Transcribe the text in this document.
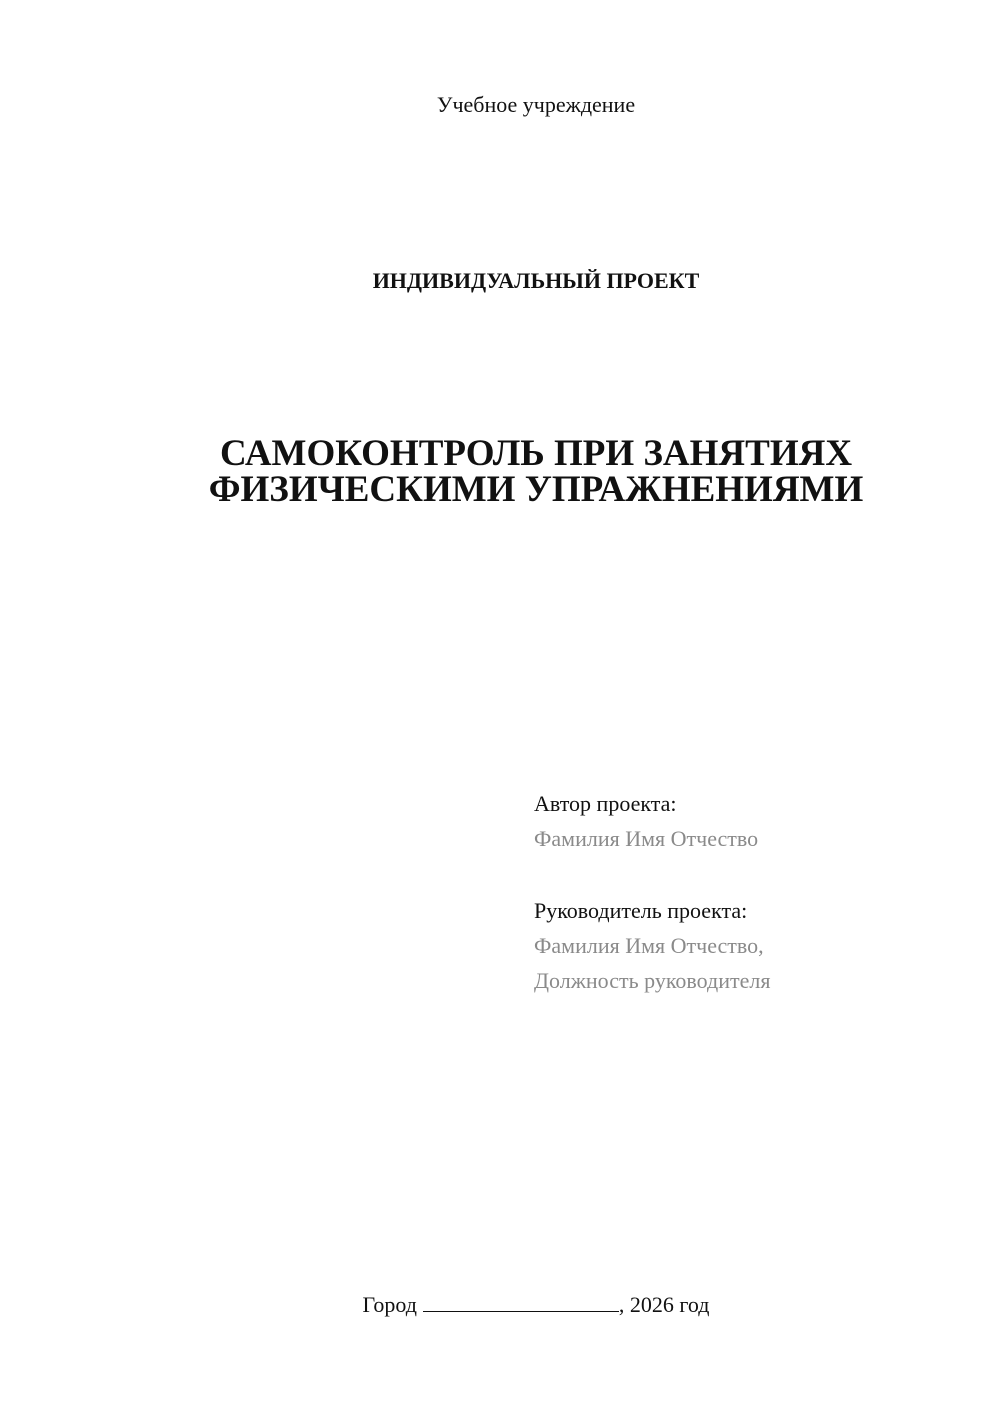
Учебное учреждение
ИНДИВИДУАЛЬНЫЙ ПРОЕКТ
САМОКОНТРОЛЬ ПРИ ЗАНЯТИЯХ
ФИЗИЧЕСКИМИ УПРАЖНЕНИЯМИ
Автор проекта:
Фамилия Имя Отчество
Руководитель проекта:
Фамилия Имя Отчество,
Должность руководителя
Город	, 2026 год
